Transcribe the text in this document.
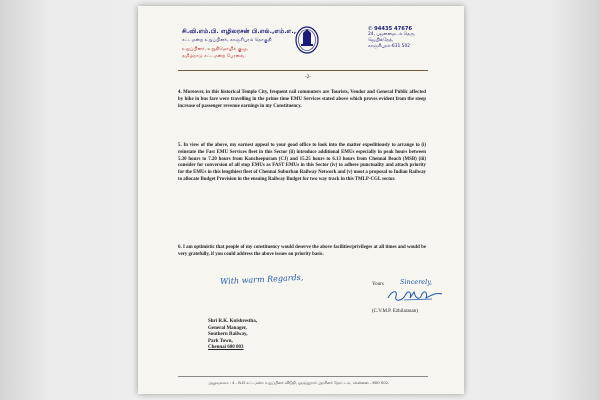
சி.வி.எம்.பி. எழிலரசன் பி.எல்.,எம்.எ.,
சட்டமன்ற உறுப்பினர், காஞ்சிபுரம் தொகுதி
உறுப்பினர், உறுதிமொழிக் குழு,
தமிழ்நாடு சட்டமன்ற பேரவை.
✆ 94435 47676
24, பஜனைமடம் தெரு,
ஜெயில்நேத்,
காஞ்சிபுரம்-631 502
-2-
4. Moreover, in this historical Temple City, frequent rail commuters are Tourists, Vendor and General Public affected by hike in bus fare were travelling in the prime time EMU Services stated above which proves evident from the steep increase of passenger revenue earnings in my Constituency.
5. In view of the above, my earnest appeal to your good office to look into the matter expeditiously to arrange to (i) reinstate the Fast EMU Services fleet in this Sector (ii) introduce additional EMUs especially in peak hours between 5.30 hours to 7.20 hours from Kancheepuram (CJ) and 15.25 hours to 6.13 hours from Chennai Beach (MSB) (iii) consider for conversion of all stop EMUs as FAST EMUs in this Sector (iv) to adhere punctuality and attach priority for the EMUs in this lengthiest fleet of Chennai Suburban Railway Network and (v) moot a proposal to Indian Railway to allocate Budget Provision in the ensuing Railway Budget for two way track in this TMLP-CGL sector.
6. I am optimistic that people of my constituency would deserve the above facilities/privileges at all times and would be very gratefully, if you could address the above issues on priority basis.
With warm Regards,	Yours	Sincerely,
(C.V.M.P. Ezhilarasan)
Shri R.K. Kulshrestha,
General Manager,
Southern Railway,
Park Town,
Chennai 600 003
அலுவலகம் : 4 - B-D சட்டமன்ற உறுப்பினர் விடுதி, ஓமந்தூரார் அரசினர் தோட்டம், சென்னை - 600 002.
